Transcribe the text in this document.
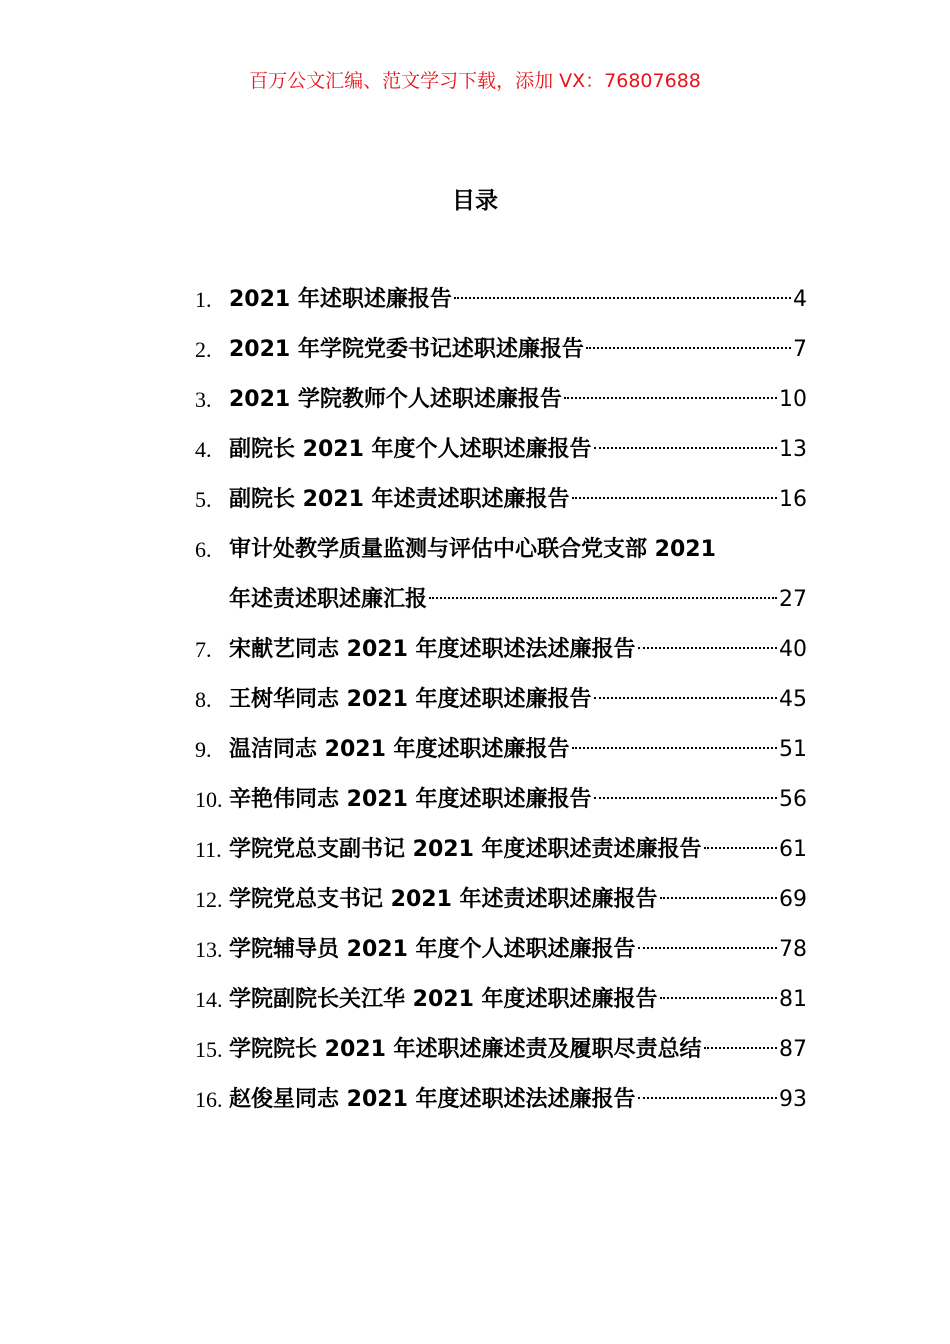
百万公文汇编、范文学习下载，添加 VX：76807688
目录
1. 2021 年述职述廉报告	4
2. 2021 年学院党委书记述职述廉报告	7
3. 2021 学院教师个人述职述廉报告	10
4. 副院长 2021 年度个人述职述廉报告	13
5. 副院长 2021 年述责述职述廉报告	16
6. 审计处教学质量监测与评估中心联合党支部 2021
年述责述职述廉汇报	27
7. 宋献艺同志 2021 年度述职述法述廉报告	40
8. 王树华同志 2021 年度述职述廉报告	45
9. 温洁同志 2021 年度述职述廉报告	51
10. 辛艳伟同志 2021 年度述职述廉报告	56
11. 学院党总支副书记 2021 年度述职述责述廉报告	61
12. 学院党总支书记 2021 年述责述职述廉报告	69
13. 学院辅导员 2021 年度个人述职述廉报告	78
14. 学院副院长关江华 2021 年度述职述廉报告	81
15. 学院院长 2021 年述职述廉述责及履职尽责总结	87
16. 赵俊星同志 2021 年度述职述法述廉报告	93
